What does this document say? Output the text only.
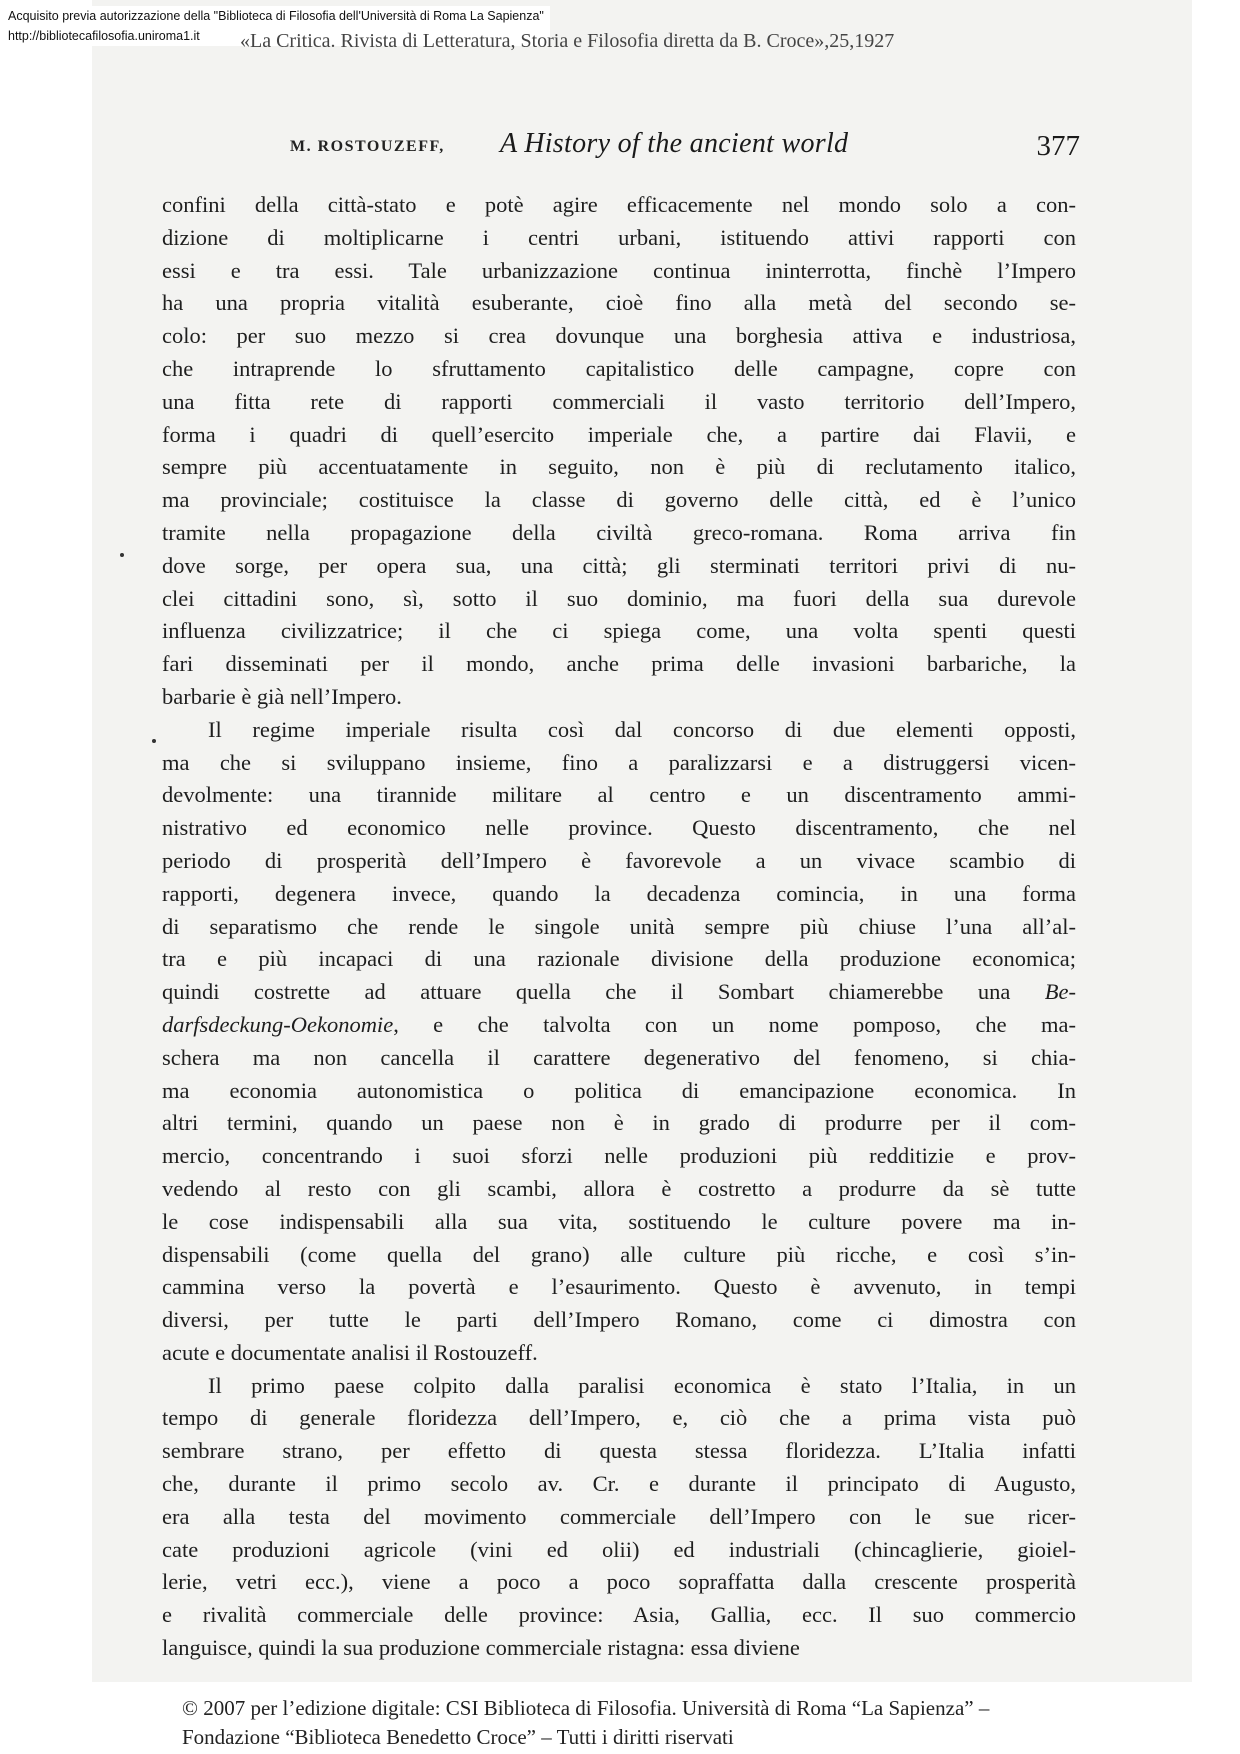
Acquisito previa autorizzazione della "Biblioteca di Filosofia dell'Università di Roma La Sapienza"
http://bibliotecafilosofia.uniroma1.it	«La Critica. Rivista di Letteratura, Storia e Filosofia diretta da B. Croce»,25,1927
M. ROSTOUZEFF, A History of the ancient world	377

confini della città-stato e potè agire efficacemente nel mondo solo a con-

dizione di moltiplicarne i centri urbani, istituendo attivi rapporti con

essi e tra essi. Tale urbanizzazione continua ininterrotta, finchè l’Impero

ha una propria vitalità esuberante, cioè fino alla metà del secondo se-

colo: per suo mezzo si crea dovunque una borghesia attiva e industriosa,

che intraprende lo sfruttamento capitalistico delle campagne, copre con

una fitta rete di rapporti commerciali il vasto territorio dell’Impero,

forma i quadri di quell’esercito imperiale che, a partire dai Flavii, e

sempre più accentuatamente in seguito, non è più di reclutamento italico,

ma provinciale; costituisce la classe di governo delle città, ed è l’unico

tramite nella propagazione della civiltà greco-romana. Roma arriva fin

dove sorge, per opera sua, una città; gli sterminati territori privi di nu-

clei cittadini sono, sì, sotto il suo dominio, ma fuori della sua durevole

influenza civilizzatrice; il che ci spiega come, una volta spenti questi

fari disseminati per il mondo, anche prima delle invasioni barbariche, la

barbarie è già nell’Impero.

Il regime imperiale risulta così dal concorso di due elementi opposti,

ma che si sviluppano insieme, fino a paralizzarsi e a distruggersi vicen-

devolmente: una tirannide militare al centro e un discentramento ammi-

nistrativo ed economico nelle province. Questo discentramento, che nel

periodo di prosperità dell’Impero è favorevole a un vivace scambio di

rapporti, degenera invece, quando la decadenza comincia, in una forma

di separatismo che rende le singole unità sempre più chiuse l’una all’al-

tra e più incapaci di una razionale divisione della produzione economica;

quindi costrette ad attuare quella che il Sombart chiamerebbe una Be-

darfsdeckung-Oekonomie, e che talvolta con un nome pomposo, che ma-

schera ma non cancella il carattere degenerativo del fenomeno, si chia-

ma economia autonomistica o politica di emancipazione economica. In

altri termini, quando un paese non è in grado di produrre per il com-

mercio, concentrando i suoi sforzi nelle produzioni più redditizie e prov-

vedendo al resto con gli scambi, allora è costretto a produrre da sè tutte

le cose indispensabili alla sua vita, sostituendo le culture povere ma in-

dispensabili (come quella del grano) alle culture più ricche, e così s’in-

cammina verso la povertà e l’esaurimento. Questo è avvenuto, in tempi

diversi, per tutte le parti dell’Impero Romano, come ci dimostra con

acute e documentate analisi il Rostouzeff.

Il primo paese colpito dalla paralisi economica è stato l’Italia, in un

tempo di generale floridezza dell’Impero, e, ciò che a prima vista può

sembrare strano, per effetto di questa stessa floridezza. L’Italia infatti

che, durante il primo secolo av. Cr. e durante il principato di Augusto,

era alla testa del movimento commerciale dell’Impero con le sue ricer-

cate produzioni agricole (vini ed olii) ed industriali (chincaglierie, gioiel-

lerie, vetri ecc.), viene a poco a poco sopraffatta dalla crescente prosperità

e rivalità commerciale delle province: Asia, Gallia, ecc. Il suo commercio

languisce, quindi la sua produzione commerciale ristagna: essa diviene

© 2007 per l’edizione digitale: CSI Biblioteca di Filosofia. Università di Roma “La Sapienza” –
Fondazione “Biblioteca Benedetto Croce” – Tutti i diritti riservati
